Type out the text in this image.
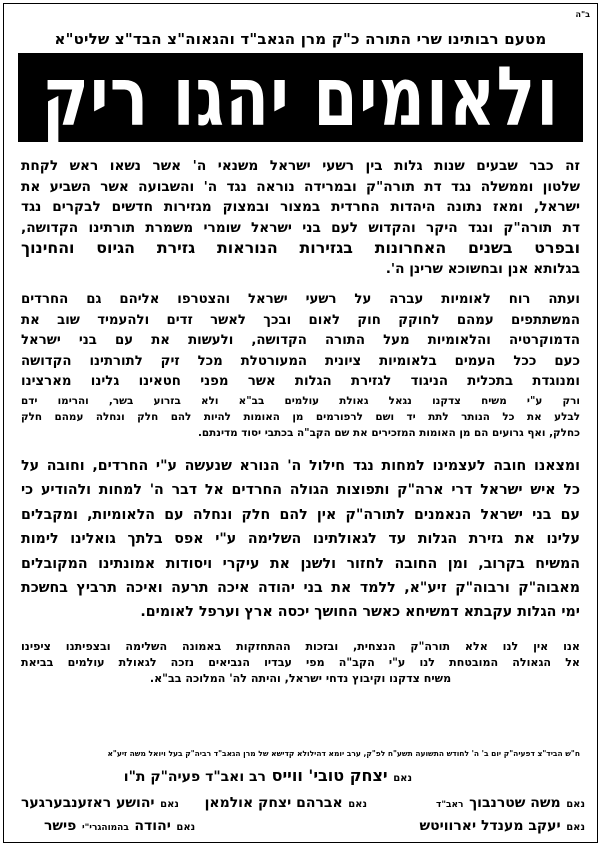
ב"ה
מטעם רבותינו שרי התורה כ"ק מרן הגאב"ד והגאוה"צ הבד"צ שליט"א
ולאומים יהגו ריק

זה כבר שבעים שנות גלות בין רשעי ישראל משנאי ה' אשר נשאו ראש לקחת

שלטון וממשלה נגד דת תורה"ק ובמרידה נוראה נגד ה' והשבועה אשר השביע את

ישראל, ומאז נתונה היהדות החרדית במצור ובמצוק מגזירות חדשים לבקרים נגד

דת תורה"ק ונגד היקר והקדוש לעם בני ישראל שומרי משמרת תורתינו הקדושה,

ובפרט בשנים האחרונות בגזירות הנוראות גזירת הגיוס והחינוך

בגלותא אנן ובחשוכא שרינן ה'.

ועתה רוח לאומיות עברה על רשעי ישראל והצטרפו אליהם גם החרדים

המשתתפים עמהם לחוקק חוק לאום ובכך לאשר זדים ולהעמיד שוב את

הדמוקרטיה והלאומיות מעל התורה הקדושה, ולעשות את עם בני ישראל

כעם ככל העמים בלאומיות ציונית המעורטלת מכל זיק לתורתינו הקדושה

ומנוגדת בתכלית הניגוד לגזירת הגלות אשר מפני חטאינו גלינו מארצינו

ורק ע"י משיח צדקנו נגאל גאולת עולמים בב"א ולא בזרוע בשר, והרימו ידם

לבלע את כל הנותר לתת יד ושם לרפורמים מן האומות להיות להם חלק ונחלה עמהם חלק

כחלק, ואף גרועים הם מן האומות המזכירים את שם הקב"ה בכתבי יסוד מדינתם.

ומצאנו חובה לעצמינו למחות נגד חילול ה' הנורא שנעשה ע"י החרדים, וחובה על

כל איש ישראל דרי ארה"ק ותפוצות הגולה החרדים אל דבר ה' למחות ולהודיע כי

עם בני ישראל הנאמנים לתורה"ק אין להם חלק ונחלה עם הלאומיות, ומקבלים

עלינו את גזירת הגלות עד לגאולתינו השלימה ע"י אפס בלתך גואלינו לימות

המשיח בקרוב, ומן החובה לחזור ולשנן את עיקרי ויסודות אמונתינו המקובלים

מאבוה"ק ורבוה"ק זיע"א, ללמד את בני יהודה איכה תרעה ואיכה תרביץ בחשכת

ימי הגלות עקבתא דמשיחא כאשר החושך יכסה ארץ וערפל לאומים.

אנו אין לנו אלא תורה"ק הנצחית, ובזכות ההתחזקות באמונה השלימה ובצפיתנו ציפינו

אל הגאולה המובטחת לנו ע"י הקב"ה מפי עבדיו הנביאים נזכה לגאולת עולמים בביאת

משיח צדקנו וקיבוץ נדחי ישראל, והיתה לה' המלוכה בב"א.

ח"ש הביד"צ דפעיה"ק יום ב' ה' לחודש התשועה תשע"ח לפ"ק, ערב יומא דהילולא קדישא של מרן הגאב"ד רביה"ק בעל ויואל משה זיע"א
נאם יצחק טובי' ווייס רב ואב"ד פעיה"ק ת"ו
נאם משה שטרנבוך ראב"ד
נאם אברהם יצחק אולמאן
נאם יהושע ראזענבערגער
נאם יעקב מענדל יארוויטש
נאם יהודה בהמוהגרי"י פישר
